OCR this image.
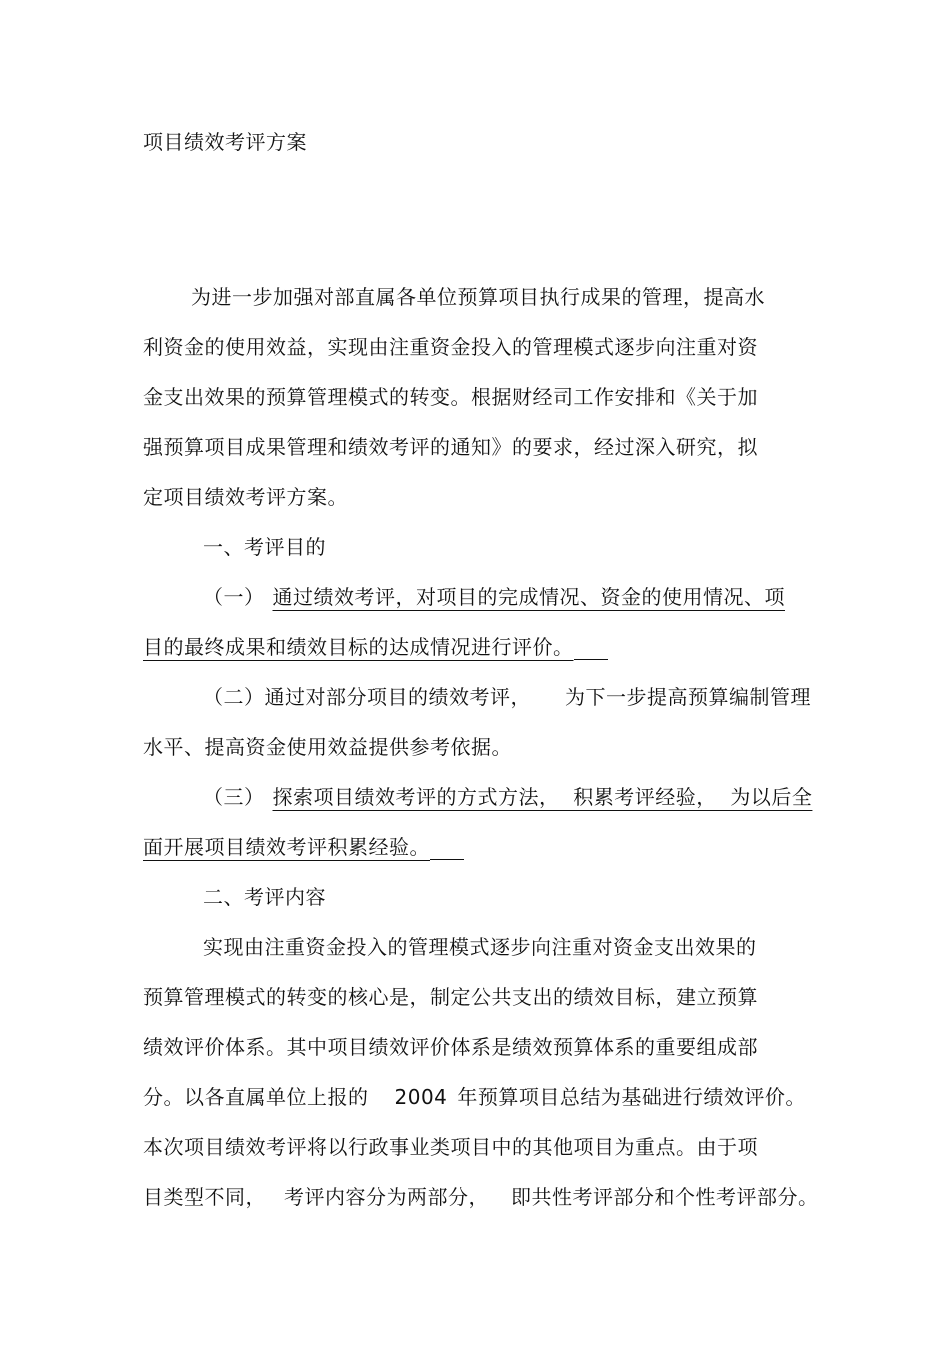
项目绩效考评方案
为进一步加强对部直属各单位预算项目执行成果的管理，提高水
利资金的使用效益，实现由注重资金投入的管理模式逐步向注重对资
金支出效果的预算管理模式的转变。根据财经司工作安排和《关于加
强预算项目成果管理和绩效考评的通知》的要求，经过深入研究，拟
定项目绩效考评方案。
一、考评目的
（一） 通过绩效考评，对项目的完成情况、资金的使用情况、项
目的最终成果和绩效目标的达成情况进行评价。
（二）通过对部分项目的绩效考评， 为下一步提高预算编制管理
水平、提高资金使用效益提供参考依据。
（三） 探索项目绩效考评的方式方法，  积累考评经验，  为以后全
面开展项目绩效考评积累经验。
二、考评内容
实现由注重资金投入的管理模式逐步向注重对资金支出效果的
预算管理模式的转变的核心是，制定公共支出的绩效目标，建立预算
绩效评价体系。其中项目绩效评价体系是绩效预算体系的重要组成部
分。以各直属单位上报的 2004 年预算项目总结为基础进行绩效评价。
本次项目绩效考评将以行政事业类项目中的其他项目为重点。由于项
目类型不同， 考评内容分为两部分， 即共性考评部分和个性考评部分。
